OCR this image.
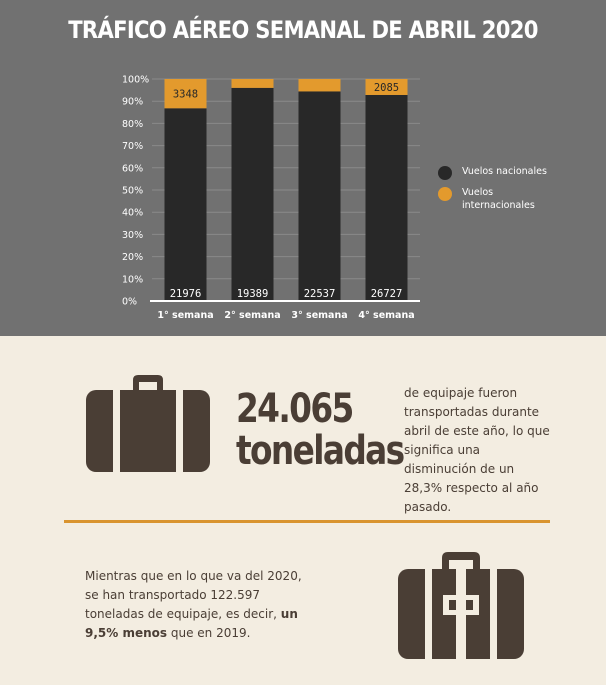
TRÁFICO AÉREO SEMANAL DE ABRIL 2020
0%
10%
20%
30%
40%
50%
60%
70%
80%
90%
100%
21976
3348
1° semana
19389
2° semana
22537
3° semana
26727
2085
4° semana
Vuelos nacionales
Vuelos internacionales
24.065
toneladas
de equipaje fueron transportadas durante abril de este año, lo que significa una disminución de un 28,3% respecto al año pasado.
Mientras que en lo que va del 2020, se han transportado 122.597 toneladas de equipaje, es decir, un 9,5% menos que en 2019.
